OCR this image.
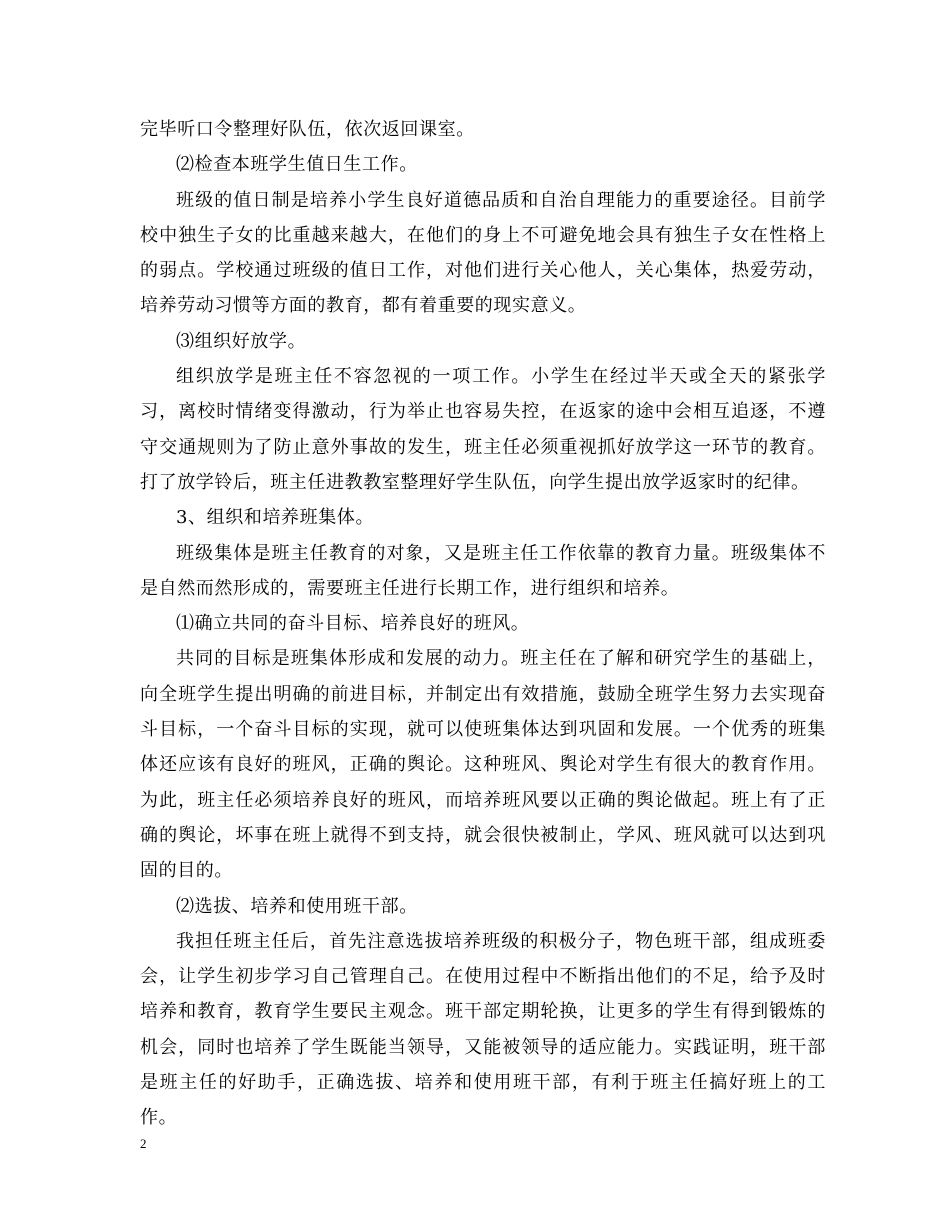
完毕听口令整理好队伍，依次返回课室。

⑵检查本班学生值日生工作。

班级的值日制是培养小学生良好道德品质和自治自理能力的重要途径。目前学校中独生子女的比重越来越大，在他们的身上不可避免地会具有独生子女在性格上的弱点。学校通过班级的值日工作，对他们进行关心他人，关心集体，热爱劳动，培养劳动习惯等方面的教育，都有着重要的现实意义。

⑶组织好放学。

组织放学是班主任不容忽视的一项工作。小学生在经过半天或全天的紧张学习，离校时情绪变得激动，行为举止也容易失控，在返家的途中会相互追逐，不遵守交通规则为了防止意外事故的发生，班主任必须重视抓好放学这一环节的教育。打了放学铃后，班主任进教教室整理好学生队伍，向学生提出放学返家时的纪律。

3、组织和培养班集体。

班级集体是班主任教育的对象，又是班主任工作依靠的教育力量。班级集体不是自然而然形成的，需要班主任进行长期工作，进行组织和培养。

⑴确立共同的奋斗目标、培养良好的班风。

共同的目标是班集体形成和发展的动力。班主任在了解和研究学生的基础上，向全班学生提出明确的前进目标，并制定出有效措施，鼓励全班学生努力去实现奋斗目标，一个奋斗目标的实现，就可以使班集体达到巩固和发展。一个优秀的班集体还应该有良好的班风，正确的舆论。这种班风、舆论对学生有很大的教育作用。为此，班主任必须培养良好的班风，而培养班风要以正确的舆论做起。班上有了正确的舆论，坏事在班上就得不到支持，就会很快被制止，学风、班风就可以达到巩固的目的。

⑵选拔、培养和使用班干部。

我担任班主任后，首先注意选拔培养班级的积极分子，物色班干部，组成班委会，让学生初步学习自己管理自己。在使用过程中不断指出他们的不足，给予及时培养和教育，教育学生要民主观念。班干部定期轮换，让更多的学生有得到锻炼的机会，同时也培养了学生既能当领导，又能被领导的适应能力。实践证明，班干部是班主任的好助手，正确选拔、培养和使用班干部，有利于班主任搞好班上的工作。

2
